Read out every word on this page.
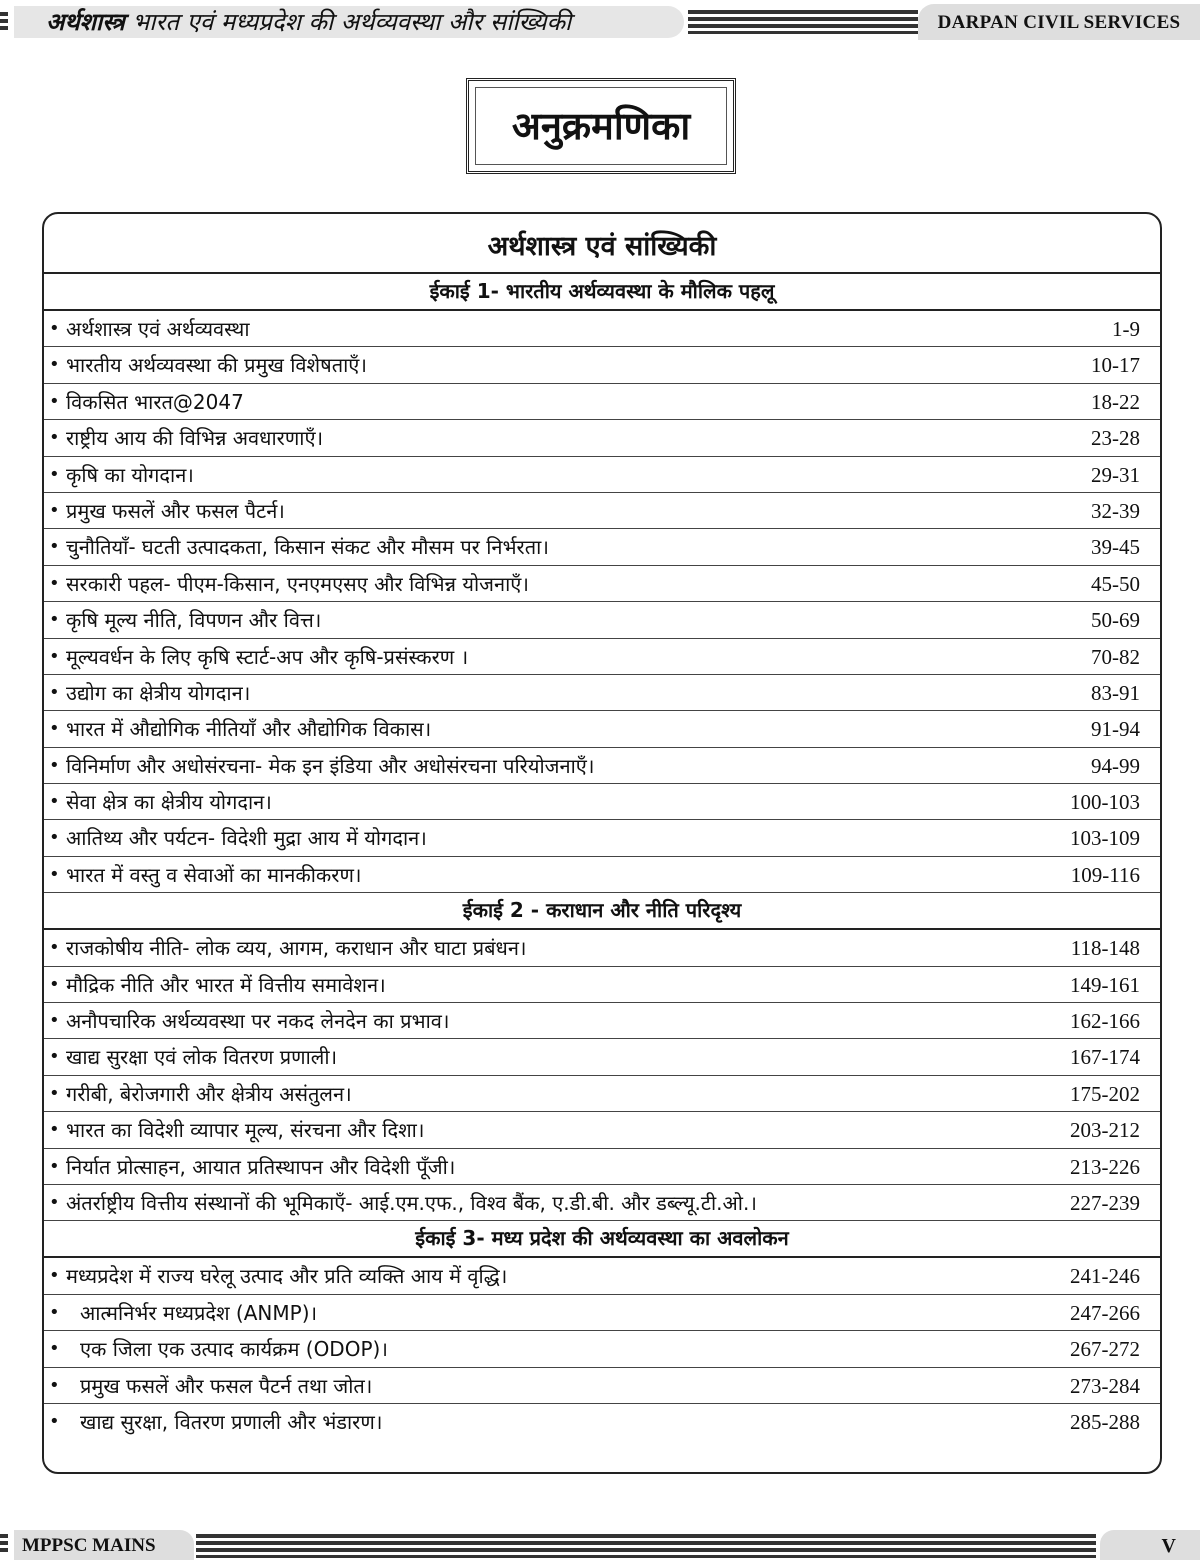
अर्थशास्त्र भारत एवं मध्यप्रदेश की अर्थव्यवस्था और सांख्यिकी	DARPAN CIVIL SERVICES
अनुक्रमणिका
अर्थशास्त्र एवं सांख्यिकी
ईकाई 1- भारतीय अर्थव्यवस्था के मौलिक पहलू
• अर्थशास्त्र एवं अर्थव्यवस्था	1-9
• भारतीय अर्थव्यवस्था की प्रमुख विशेषताएँ।	10-17
• विकसित भारत@2047	18-22
• राष्ट्रीय आय की विभिन्न अवधारणाएँ।	23-28
• कृषि का योगदान।	29-31
• प्रमुख फसलें और फसल पैटर्न।	32-39
• चुनौतियाँ- घटती उत्पादकता, किसान संकट और मौसम पर निर्भरता।	39-45
• सरकारी पहल- पीएम-किसान, एनएमएसए और विभिन्न योजनाएँ।	45-50
• कृषि मूल्य नीति, विपणन और वित्त।	50-69
• मूल्यवर्धन के लिए कृषि स्टार्ट-अप और कृषि-प्रसंस्करण ।	70-82
• उद्योग का क्षेत्रीय योगदान।	83-91
• भारत में औद्योगिक नीतियाँ और औद्योगिक विकास।	91-94
• विनिर्माण और अधोसंरचना- मेक इन इंडिया और अधोसंरचना परियोजनाएँ।	94-99
• सेवा क्षेत्र का क्षेत्रीय योगदान।	100-103
• आतिथ्य और पर्यटन- विदेशी मुद्रा आय में योगदान।	103-109
• भारत में वस्तु व सेवाओं का मानकीकरण।	109-116
ईकाई 2 - कराधान और नीति परिदृश्य
• राजकोषीय नीति- लोक व्यय, आगम, कराधान और घाटा प्रबंधन।	118-148
• मौद्रिक नीति और भारत में वित्तीय समावेशन।	149-161
• अनौपचारिक अर्थव्यवस्था पर नकद लेनदेन का प्रभाव।	162-166
• खाद्य सुरक्षा एवं लोक वितरण प्रणाली।	167-174
• गरीबी, बेरोजगारी और क्षेत्रीय असंतुलन।	175-202
• भारत का विदेशी व्यापार मूल्य, संरचना और दिशा।	203-212
• निर्यात प्रोत्साहन, आयात प्रतिस्थापन और विदेशी पूँजी।	213-226
• अंतर्राष्ट्रीय वित्तीय संस्थानों की भूमिकाएँ- आई.एम.एफ., विश्व बैंक, ए.डी.बी. और डब्ल्यू.टी.ओ.।	227-239
ईकाई 3- मध्य प्रदेश की अर्थव्यवस्था का अवलोकन
• मध्यप्रदेश में राज्य घरेलू उत्पाद और प्रति व्यक्ति आय में वृद्धि।	241-246
• आत्मनिर्भर मध्यप्रदेश (ANMP)।	247-266
• एक जिला एक उत्पाद कार्यक्रम (ODOP)।	267-272
• प्रमुख फसलें और फसल पैटर्न तथा जोत।	273-284
• खाद्य सुरक्षा, वितरण प्रणाली और भंडारण।	285-288
MPPSC MAINS	V
